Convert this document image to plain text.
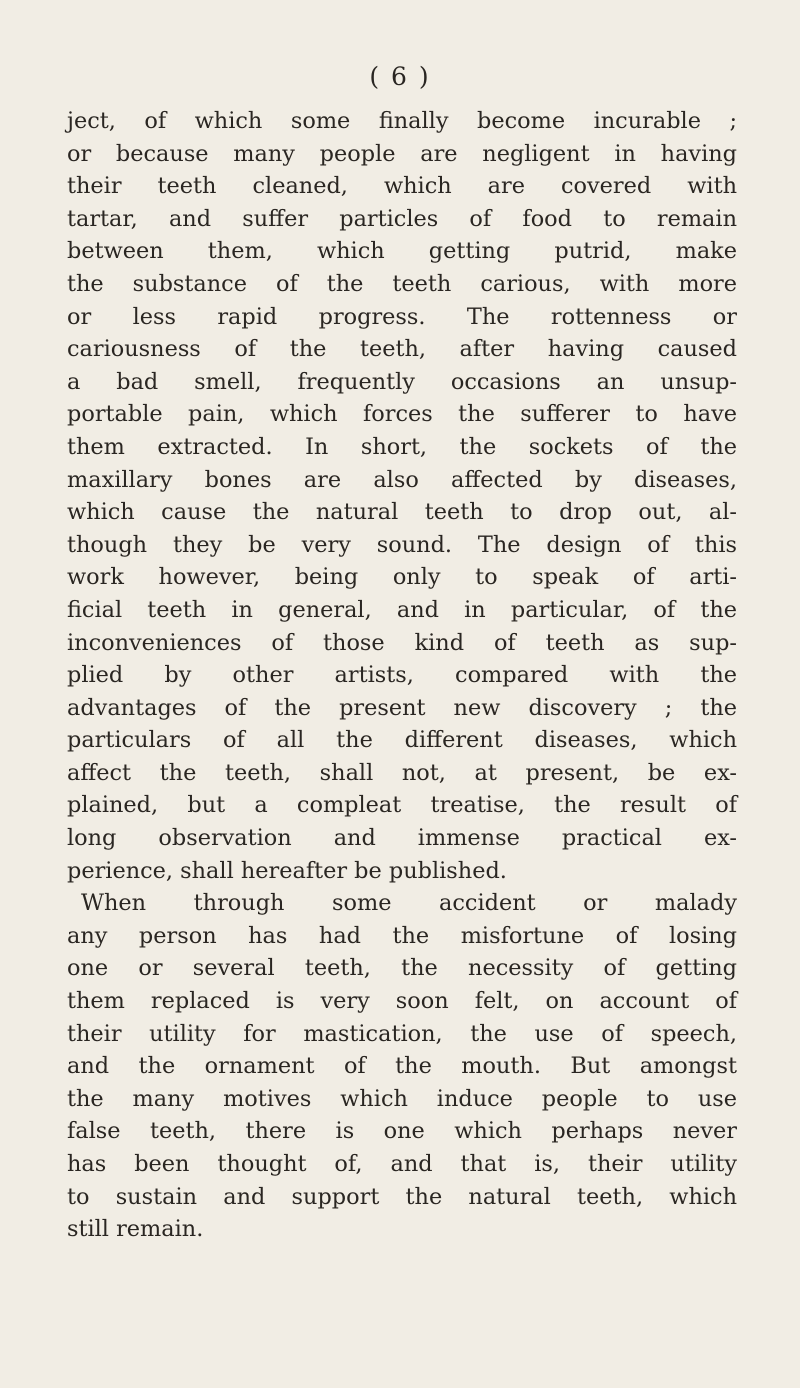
( 6 )
ject, of which some finally become incurable ;
or because many people are negligent in having
their teeth cleaned, which are covered with
tartar, and suffer particles of food to remain
between them, which getting putrid, make
the substance of the teeth carious, with more
or less rapid progress. The rottenness or
cariousness of the teeth, after having caused
a bad smell, frequently occasions an unsup-
portable pain, which forces the sufferer to have
them extracted. In short, the sockets of the
maxillary bones are also affected by diseases,
which cause the natural teeth to drop out, al-
though they be very sound. The design of this
work however, being only to speak of arti-
ficial teeth in general, and in particular, of the
inconveniences of those kind of teeth as sup-
plied by other artists, compared with the
advantages of the present new discovery ; the
particulars of all the different diseases, which
affect the teeth, shall not, at present, be ex-
plained, but a compleat treatise, the result of
long observation and immense practical ex-
perience, shall hereafter be published.
When through some accident or malady
any person has had the misfortune of losing
one or several teeth, the necessity of getting
them replaced is very soon felt, on account of
their utility for mastication, the use of speech,
and the ornament of the mouth. But amongst
the many motives which induce people to use
false teeth, there is one which perhaps never
has been thought of, and that is, their utility
to sustain and support the natural teeth, which
still remain.
